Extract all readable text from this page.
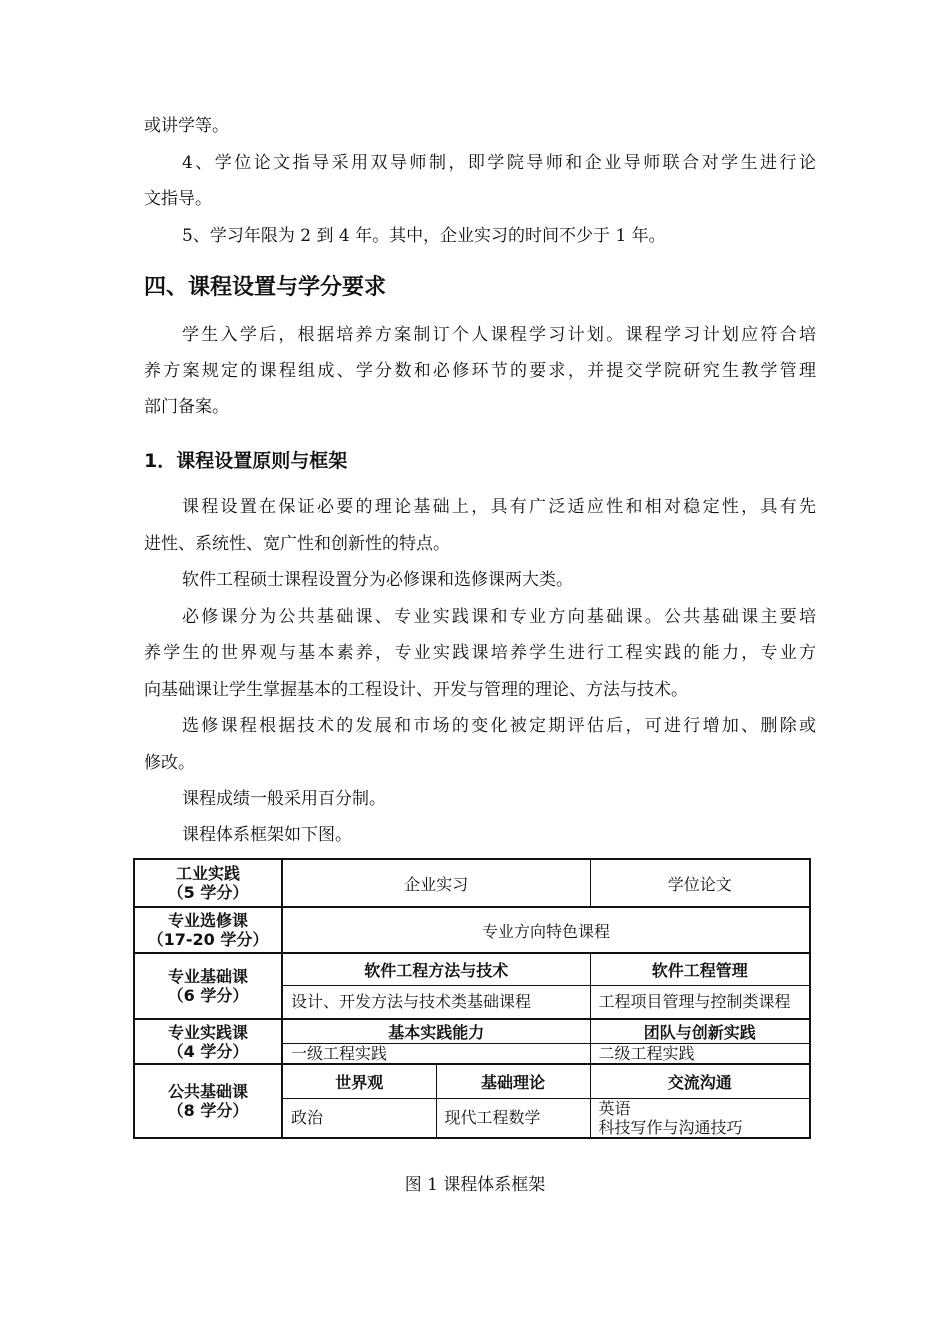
或讲学等。
4、学位论文指导采用双导师制，即学院导师和企业导师联合对学生进行论
文指导。
5、学习年限为 2 到 4 年。其中，企业实习的时间不少于 1 年。
四、课程设置与学分要求
学生入学后，根据培养方案制订个人课程学习计划。课程学习计划应符合培
养方案规定的课程组成、学分数和必修环节的要求，并提交学院研究生教学管理
部门备案。
1．课程设置原则与框架
课程设置在保证必要的理论基础上，具有广泛适应性和相对稳定性，具有先
进性、系统性、宽广性和创新性的特点。
软件工程硕士课程设置分为必修课和选修课两大类。
必修课分为公共基础课、专业实践课和专业方向基础课。公共基础课主要培
养学生的世界观与基本素养，专业实践课培养学生进行工程实践的能力，专业方
向基础课让学生掌握基本的工程设计、开发与管理的理论、方法与技术。
选修课程根据技术的发展和市场的变化被定期评估后，可进行增加、删除或
修改。
课程成绩一般采用百分制。
课程体系框架如下图。
工业实践
（5 学分）	企业实习		学位论文

专业选修课
（17-20 学分）	专业方向特色课程		

专业基础课
（6 学分）	软件工程方法与技术		软件工程管理
	设计、开发方法与技术类基础课程		工程项目管理与控制类课程

专业实践课
（4 学分）	基本实践能力		团队与创新实践
	一级工程实践		二级工程实践

公共基础课
（8 学分）	世界观	基础理论	交流沟通
	政治	现代工程数学	英语
科技写作与沟通技巧
图 1 课程体系框架
